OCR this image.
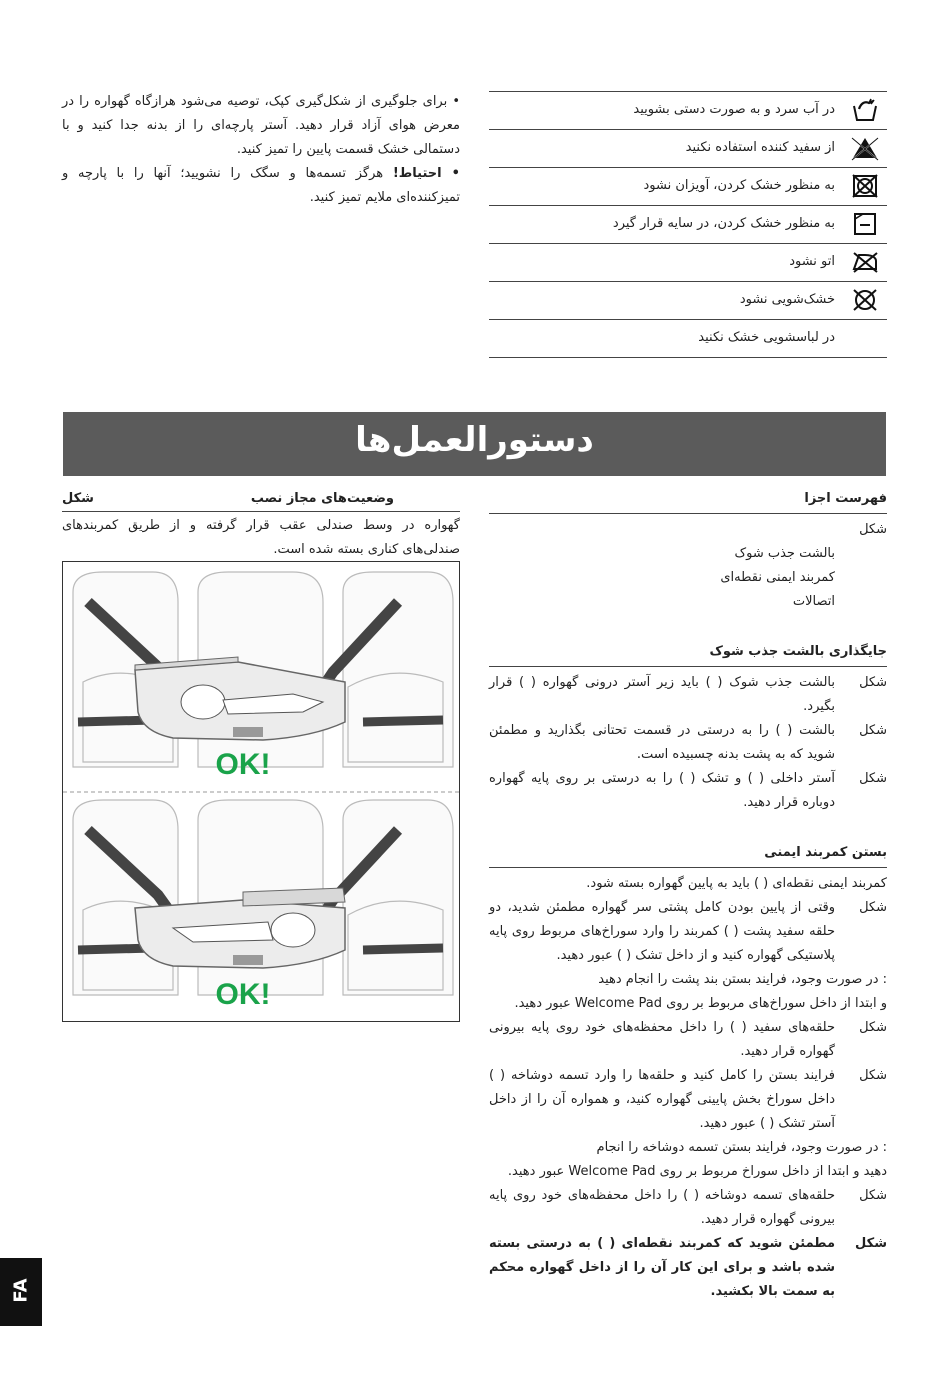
در آب سرد و به صورت دستی بشویید
از سفید کننده استفاده نکنید
به منظور خشک کردن، آویزان نشود
به منظور خشک کردن، در سایه قرار گیرد
اتو نشود
خشک‌شویی نشود
در لباسشویی خشک نکنید

• برای جلوگیری از شکل‌گیری کپک، توصیه می‌شود هرازگاه گهواره را در معرض هوای آزاد قرار دهید. آستر پارچه‌ای را از بدنه جدا کنید و با دستمالی خشک قسمت پایین را تمیز کنید.

• احتیاط! هرگز تسمه‌ها و سگک را نشویید؛ آنها را با پارچه و تمیزکننده‌ای ملایم تمیز کنید.

دستورالعمل‌ها
فهرست اجزا
شکل
بالشت جذب شوک
کمربند ایمنی نقطه‌ای
اتصالات
جایگذاری بالشت جذب شوک
شکل
بالشت جذب شوک ( ) باید زیر آستر درونی گهواره ( ) قرار بگیرد.
شکل
بالشت ( ) را به درستی در قسمت تحتانی بگذارید و مطمئن شوید که به پشت بدنه چسبیده است.
شکل
آستر داخلی ( ) و تشک ( ) را به درستی بر روی پایه گهواره دوباره قرار دهید.
بستن کمربند ایمنی
کمربند ایمنی نقطه‌ای ( ) باید به پایین گهواره بسته شود.
شکل
وقتی از پایین بودن کامل پشتی سر گهواره مطمئن شدید، دو حلقه سفید پشت ( ) کمربند را وارد سوراخ‌های مربوط روی پایه پلاستیکی گهواره کنید و از داخل تشک ( ) عبور دهید.
: در صورت وجود، فرایند بستن بند پشت را انجام دهید
و ابتدا از داخل سوراخ‌های مربوط بر روی Welcome Pad عبور دهید.
شکل
حلقه‌های سفید ( ) را داخل محفظه‌های خود روی پایه بیرونی گهواره قرار دهید.
شکل
فرایند بستن را کامل کنید و حلقه‌ها را وارد تسمه دوشاخه ( ) داخل سوراخ بخش پایینی گهواره کنید، و همواره آن را از داخل آستر تشک ( ) عبور دهید.
: در صورت وجود، فرایند بستن تسمه دوشاخه را انجام
دهید و ابتدا از داخل سوراخ مربوط بر روی Welcome Pad عبور دهید.
شکل
حلقه‌های تسمه دوشاخه ( ) را داخل محفظه‌های خود روی پایه بیرونی گهواره قرار دهید.
شکل
مطمئن شوید که کمربند نقطه‌ای ( ) به درستی بسته شده باشد و برای این کار آن را از داخل گهواره محکم به سمت بالا بکشید.
وضعیت‌های مجاز نصب
شکل
گهواره در وسط صندلی عقب قرار گرفته و از طریق کمربندهای صندلی‌های کناری بسته شده است.
OK!
OK!
FA
